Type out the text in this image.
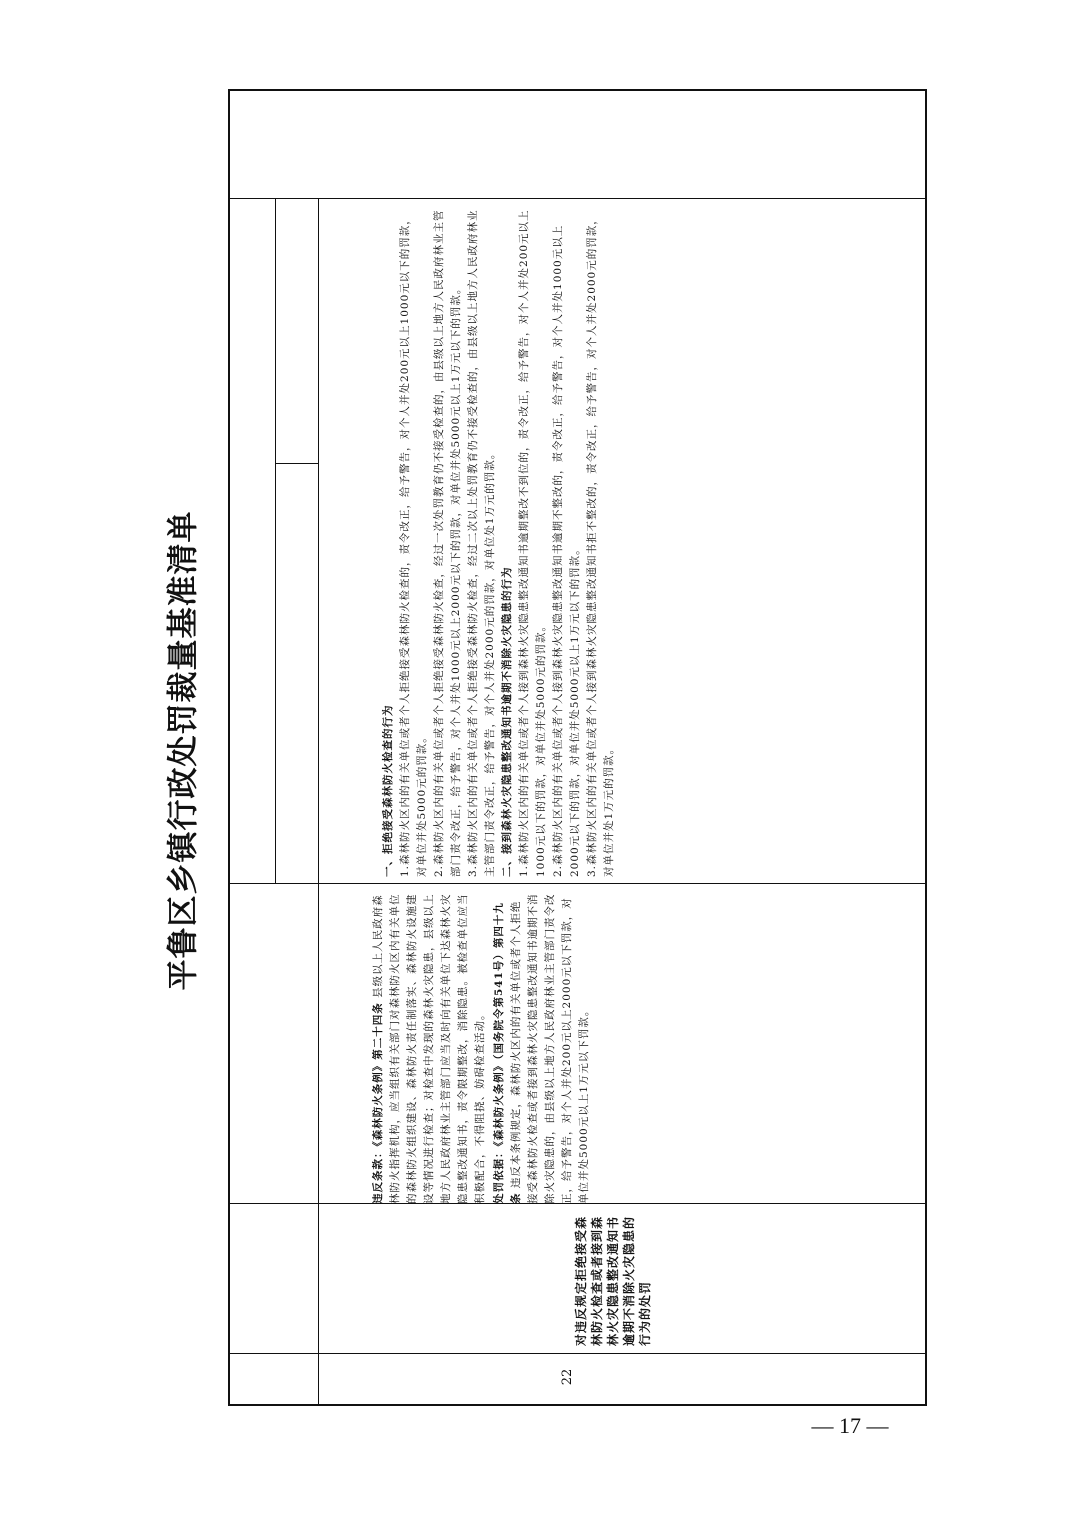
平鲁区乡镇行政处罚裁量基准清单
22
对违反规定拒绝接受森林防火检查或者接到森林火灾隐患整改通知书逾期不消除火灾隐患的行为的处罚
违反条款：《森林防火条例》第二十四条 县级以上人民政府森林防火指挥机构，应当组织有关部门对森林防火区内有关单位的森林防火组织建设、森林防火责任制落实、森林防火设施建设等情况进行检查；对检查中发现的森林火灾隐患，县级以上地方人民政府林业主管部门应当及时向有关单位下达森林火灾隐患整改通知书，责令限期整改，消除隐患。被检查单位应当积极配合，不得阻挠、妨碍检查活动。 处罚依据：《森林防火条例》（国务院令第541号）第四十九条 违反本条例规定，森林防火区内的有关单位或者个人拒绝接受森林防火检查或者接到森林火灾隐患整改通知书逾期不消除火灾隐患的，由县级以上地方人民政府林业主管部门责令改正，给予警告，对个人并处200元以上2000元以下罚款，对单位并处5000元以上1万元以下罚款。
一、拒绝接受森林防火检查的行为 1.森林防火区内的有关单位或者个人拒绝接受森林防火检查的，责令改正，给予警告，对个人并处200元以上1000元以下的罚款，对单位并处5000元的罚款。 2.森林防火区内的有关单位或者个人拒绝接受森林防火检查，经过一次处罚教育仍不接受检查的，由县级以上地方人民政府林业主管部门责令改正，给予警告，对个人并处1000元以上2000元以下的罚款，对单位并处5000元以上1万元以下的罚款。 3.森林防火区内的有关单位或者个人拒绝接受森林防火检查，经过二次以上处罚教育仍不接受检查的，由县级以上地方人民政府林业主管部门责令改正，给予警告，对个人并处2000元的罚款，对单位处1万元的罚款。 二、接到森林火灾隐患整改通知书逾期不消除火灾隐患的行为 1.森林防火区内的有关单位或者个人接到森林火灾隐患整改通知书逾期整改不到位的，责令改正，给予警告，对个人并处200元以上1000元以下的罚款，对单位并处5000元的罚款。 2.森林防火区内的有关单位或者个人接到森林火灾隐患整改通知书逾期不整改的，责令改正，给予警告，对个人并处1000元以上2000元以下的罚款，对单位并处5000元以上1万元以下的罚款。 3.森林防火区内的有关单位或者个人接到森林火灾隐患整改通知书拒不整改的，责令改正，给予警告，对个人并处2000元的罚款，对单位并处1万元的罚款。
— 17 —
